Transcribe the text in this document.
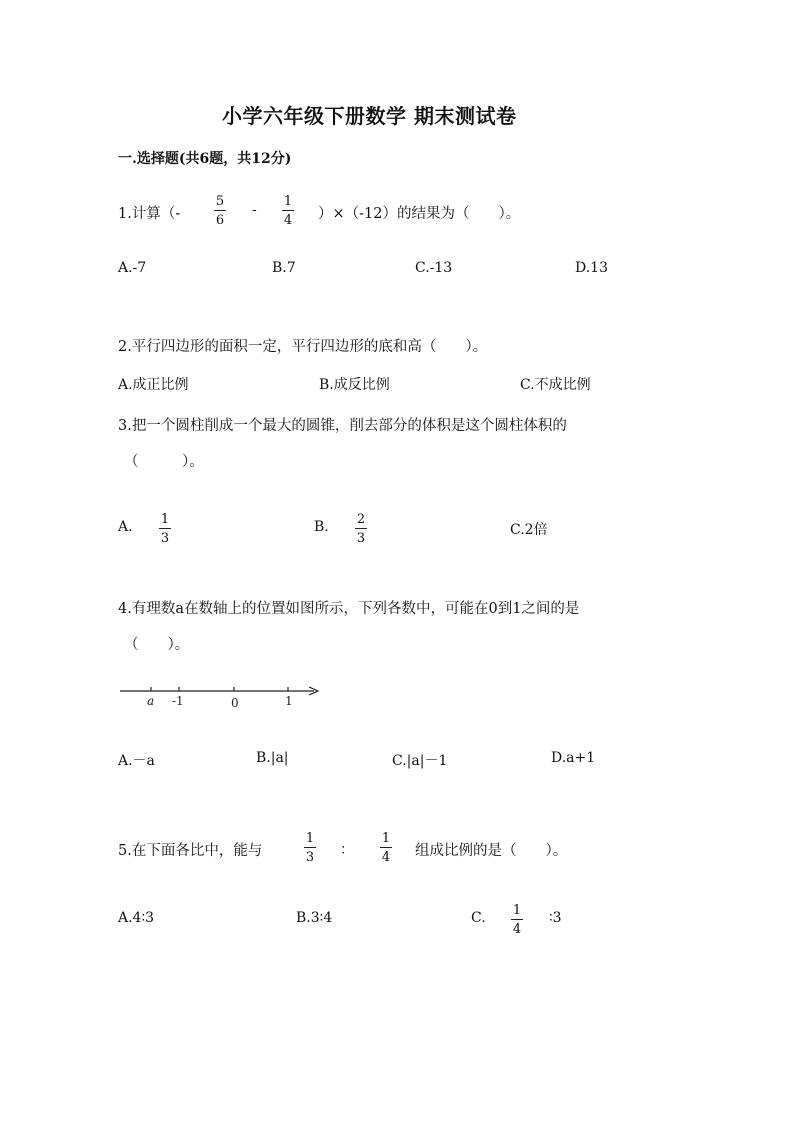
小学六年级下册数学 期末测试卷
一.选择题(共6题，共12分)
1.计算（-
5
6
-
1
4 ）×（-12）的结果为（　　）。
A.-7	B.7	C.-13	D.13
2.平行四边形的面积一定，平行四边形的底和高（　　）。
A.成正比例	B.成反比例	C.不成比例
3.把一个圆柱削成一个最大的圆锥，削去部分的体积是这个圆柱体积的
（　　　）。
A. 1
3
B. 2
3
C.2倍
4.有理数a在数轴上的位置如图所示，下列各数中，可能在0到1之间的是
（　　）。
a -1	0	1
A.－a	B.|a|	C.|a|－1	D.a+1
5.在下面各比中，能与
1
3 ：
1
4 组成比例的是（　　）。
A.4∶3	B.3∶4	C. 1
4
∶3
